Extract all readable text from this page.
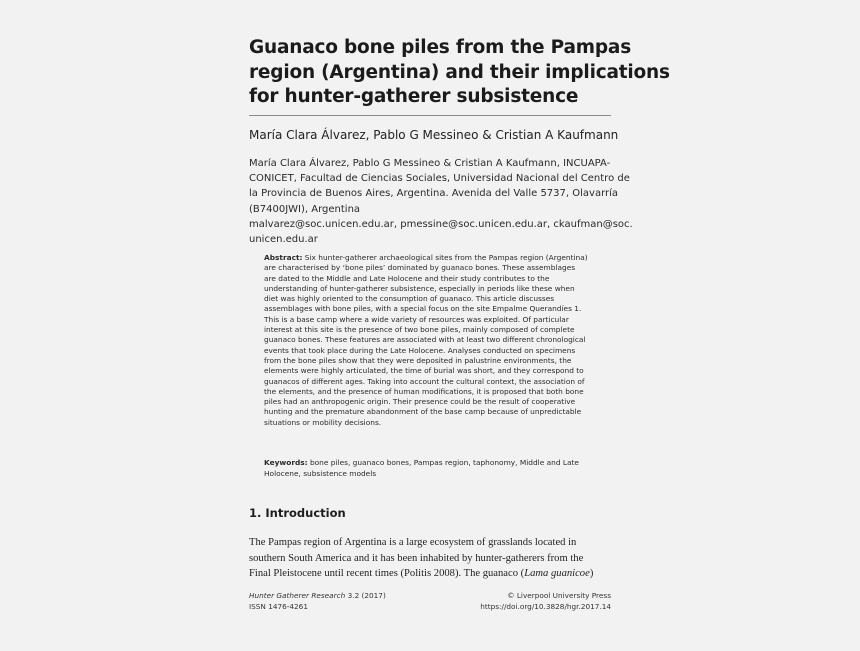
Guanaco bone piles from the Pampas
region (Argentina) and their implications
for hunter-gatherer subsistence
María Clara Álvarez, Pablo G Messineo & Cristian A Kaufmann
María Clara Álvarez, Pablo G Messineo & Cristian A Kaufmann, INCUAPA-
CONICET, Facultad de Ciencias Sociales, Universidad Nacional del Centro de
la Provincia de Buenos Aires, Argentina. Avenida del Valle 5737, Olavarría
(B7400JWI), Argentina
malvarez@soc.unicen.edu.ar, pmessine@soc.unicen.edu.ar, ckaufman@soc.
unicen.edu.ar
Abstract: Six hunter-gatherer archaeological sites from the Pampas region (Argentina)
are characterised by ‘bone piles’ dominated by guanaco bones. These assemblages
are dated to the Middle and Late Holocene and their study contributes to the
understanding of hunter-gatherer subsistence, especially in periods like these when
diet was highly oriented to the consumption of guanaco. This article discusses
assemblages with bone piles, with a special focus on the site Empalme Querandíes 1.
This is a base camp where a wide variety of resources was exploited. Of particular
interest at this site is the presence of two bone piles, mainly composed of complete
guanaco bones. These features are associated with at least two different chronological
events that took place during the Late Holocene. Analyses conducted on specimens
from the bone piles show that they were deposited in palustrine environments, the
elements were highly articulated, the time of burial was short, and they correspond to
guanacos of different ages. Taking into account the cultural context, the association of
the elements, and the presence of human modifications, it is proposed that both bone
piles had an anthropogenic origin. Their presence could be the result of cooperative
hunting and the premature abandonment of the base camp because of unpredictable
situations or mobility decisions.
Keywords: bone piles, guanaco bones, Pampas region, taphonomy, Middle and Late
Holocene, subsistence models
1. Introduction
The Pampas region of Argentina is a large ecosystem of grasslands located in
southern South America and it has been inhabited by hunter-gatherers from the
Final Pleistocene until recent times (Politis 2008). The guanaco (Lama guanicoe)
Hunter Gatherer Research 3.2 (2017)
ISSN 1476-4261
© Liverpool University Press
https://doi.org/10.3828/hgr.2017.14
